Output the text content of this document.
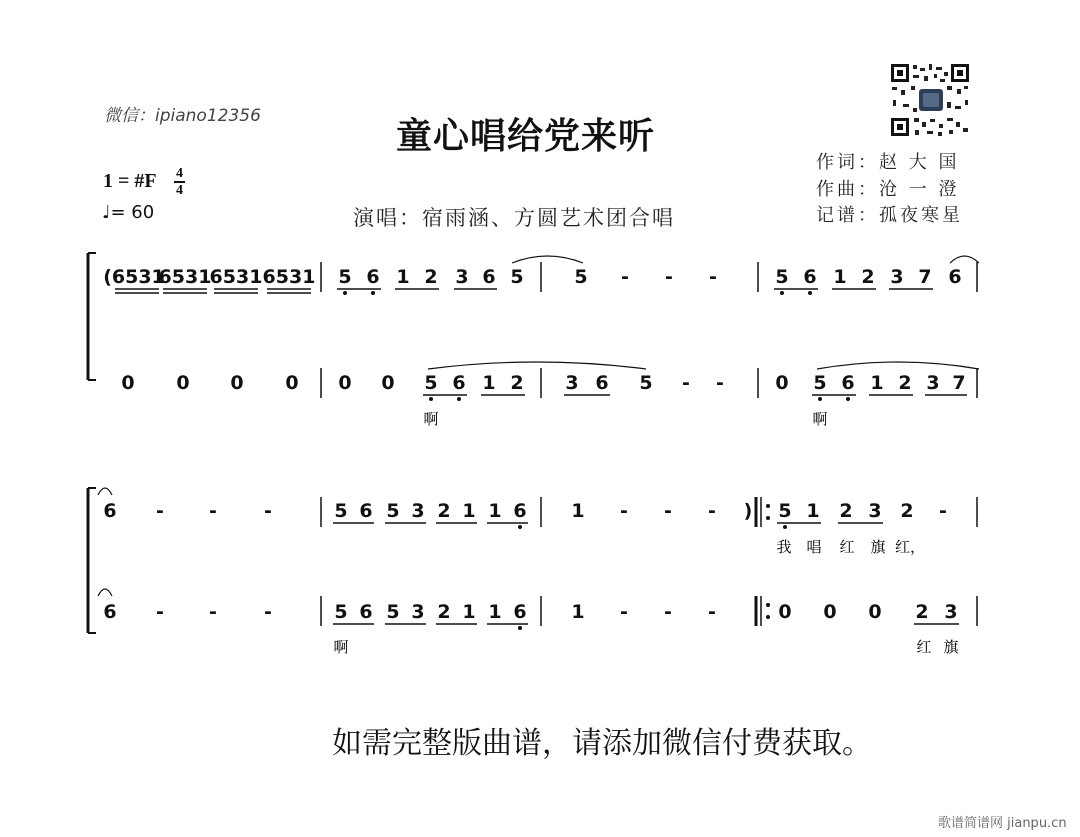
微信：ipiano12356	童心唱给党来听
作词：赵 大 国
作曲：沧 一 澄
记谱：孤夜寒星
1 = #F 4
4
♩= 60	演唱：宿雨涵、方圆艺术团合唱
(6531
6531
6531 6531 5 6 1 2 3 6 5	5 - - -	5 6 1 2 3 7 6
0 0 0 0 0 0 5 6 1 2 3 6 5 - -	0 5 6 1 2 3 7
6 - - -	5 6 5 3 2 1 1 6 1 - - - ) 5 1 2 3 2 -
6 - - -	5 6 5 3 2 1 1 6 1 - - -	0 0 0 2 3
啊	啊
我 唱 红 旗 红，
啊	红 旗
如需完整版曲谱，请添加微信付费获取。
歌谱简谱网 jianpu.cn
